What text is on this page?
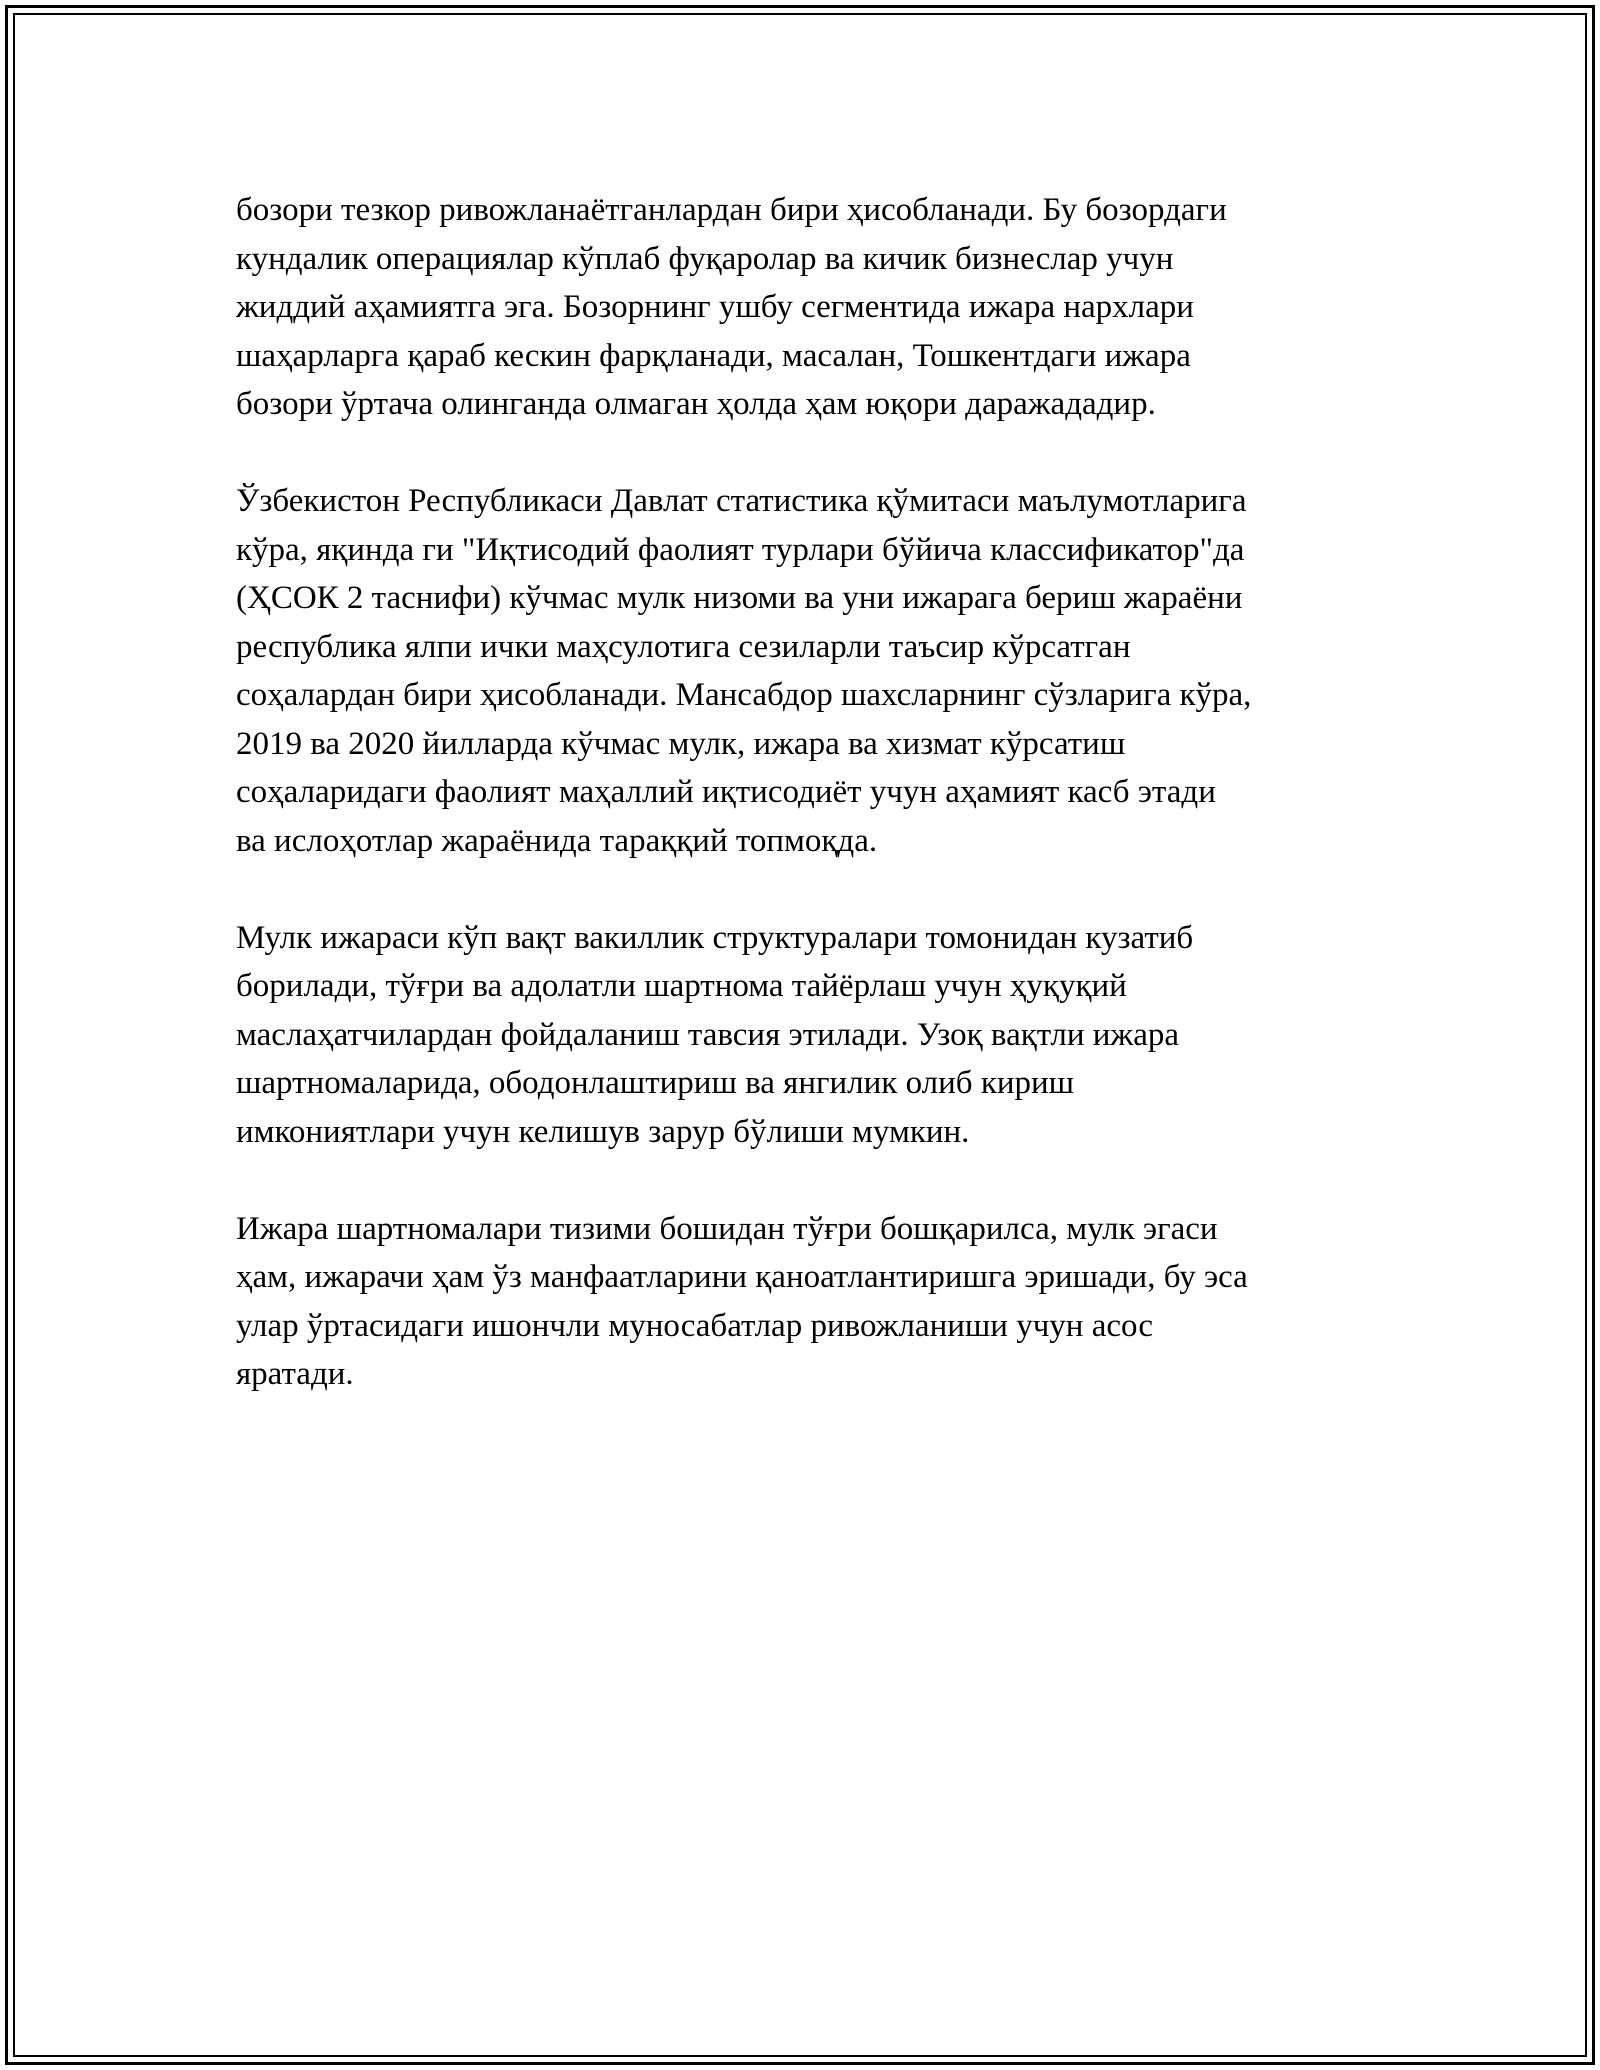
бозори тезкор ривожланаётганлардан бири ҳисобланади. Бу бозордаги
кундалик операциялар кўплаб фуқаролар ва кичик бизнеслар учун
жиддий аҳамиятга эга. Бозорнинг ушбу сегментида ижара нархлари
шаҳарларга қараб кескин фарқланади, масалан, Тошкентдаги ижара
бозори ўртача олинганда олмаган ҳолда ҳам юқори даражададир.
Ўзбекистон Республикаси Давлат статистика қўмитаси маълумотларига
кўра, яқинда ги "Иқтисодий фаолият турлари бўйича классификатор"да
(ҲСОК 2 таснифи) кўчмас мулк низоми ва уни ижарага бериш жараёни
республика ялпи ички маҳсулотига сезиларли таъсир кўрсатган
соҳалардан бири ҳисобланади. Мансабдор шахсларнинг сўзларига кўра,
2019 ва 2020 йилларда кўчмас мулк, ижара ва хизмат кўрсатиш
соҳаларидаги фаолият маҳаллий иқтисодиёт учун аҳамият касб этади
ва ислоҳотлар жараёнида тараққий топмоқда.
Мулк ижараси кўп вақт вакиллик структуралари томонидан кузатиб
борилади, тўғри ва адолатли шартнома тайёрлаш учун ҳуқуқий
маслаҳатчилардан фойдаланиш тавсия этилади. Узоқ вақтли ижара
шартномаларида, ободонлаштириш ва янгилик олиб кириш
имкониятлари учун келишув зарур бўлиши мумкин.
Ижара шартномалари тизими бошидан тўғри бошқарилса, мулк эгаси
ҳам, ижарачи ҳам ўз манфаатларини қаноатлантиришга эришади, бу эса
улар ўртасидаги ишончли муносабатлар ривожланиши учун асос
яратади.
